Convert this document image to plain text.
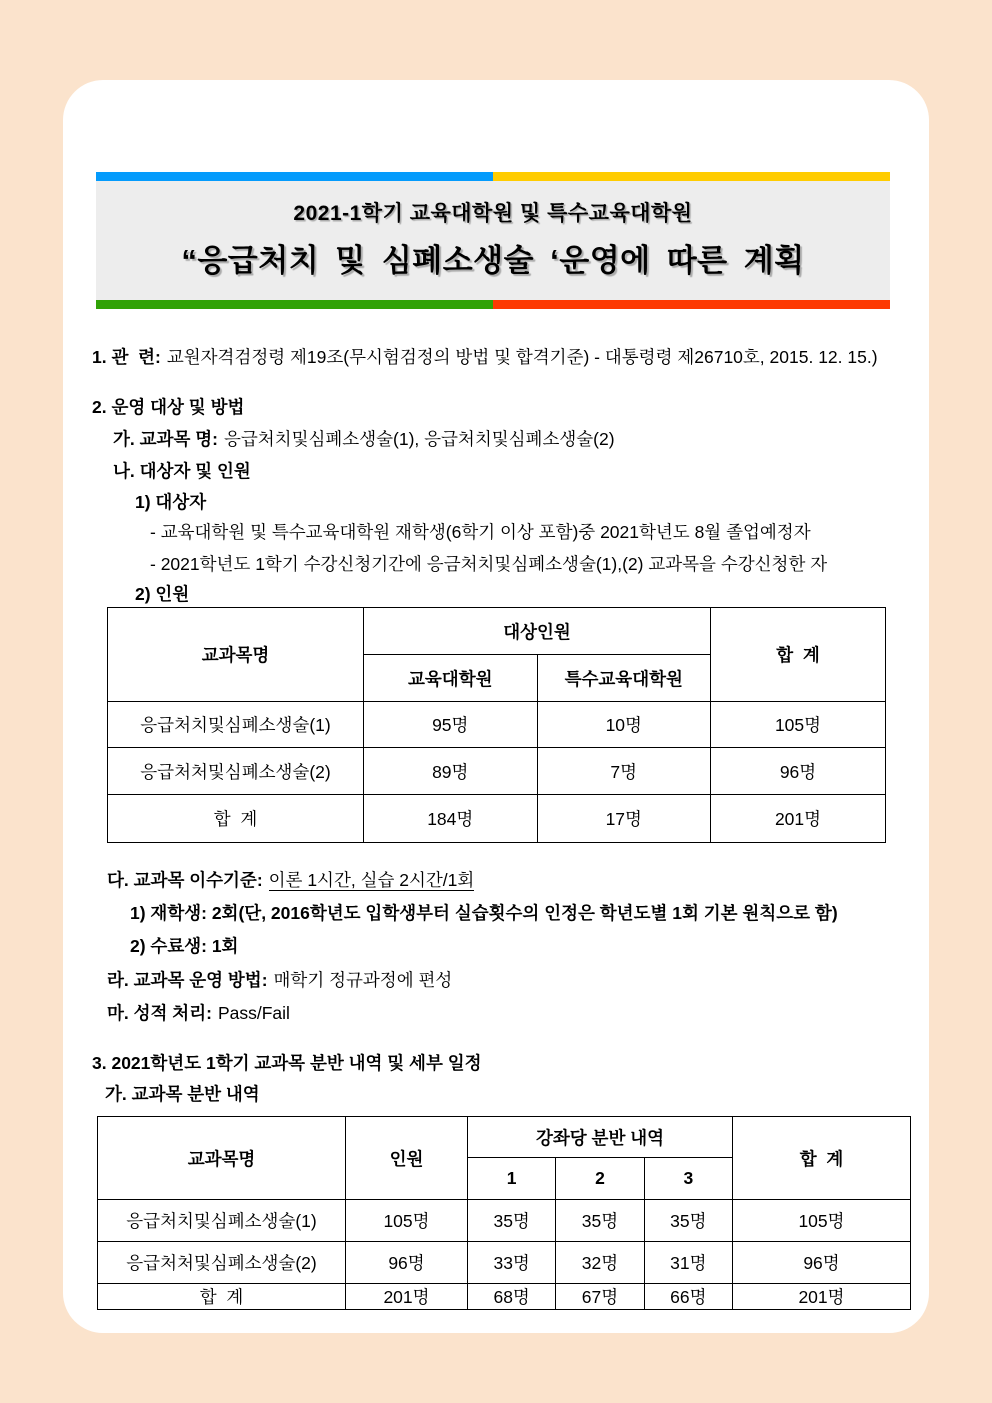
2021-1학기 교육대학원 및 특수교육대학원
“응급처치 및 심폐소생술 ‘운영에 따른 계획

1. 관  련: 교원자격검정령 제19조(무시험검정의 방법 및 합격기준) - 대통령령 제26710호, 2015. 12. 15.)

2. 운영 대상 및 방법

가. 교과목 명: 응급처치및심폐소생술(1), 응급처치및심폐소생술(2)

나. 대상자 및 인원

1) 대상자

- 교육대학원 및 특수교육대학원 재학생(6학기 이상 포함)중 2021학년도 8월 졸업예정자

- 2021학년도 1학기 수강신청기간에 응금처치및심폐소생술(1),(2) 교과목을 수강신청한 자

2) 인원

교과목명	대상인원		합  계
	교육대학원	특수교육대학원	
응급처치및심폐소생술(1)	95명	10명	105명
응급처처및심폐소생술(2)	89명	7명	96명
합  계	184명	17명	201명

다. 교과목 이수기준: 이론 1시간, 실습 2시간/1회

1) 재학생: 2회(단, 2016학년도 입학생부터 실습횟수의 인정은 학년도별 1회 기본 원칙으로 함)

2) 수료생: 1회

라. 교과목 운영 방법: 매학기 정규과정에 편성

마. 성적 처리: Pass/Fail

3. 2021학년도 1학기 교과목 분반 내역 및 세부 일정

가. 교과목 분반 내역

교과목명	인원	강좌당 분반 내역			합  계
		1	2	3	
응급처치및심폐소생술(1)	105명	35명	35명	35명	105명
응급처처및심폐소생술(2)	96명	33명	32명	31명	96명
합  계	201명	68명	67명	66명	201명
